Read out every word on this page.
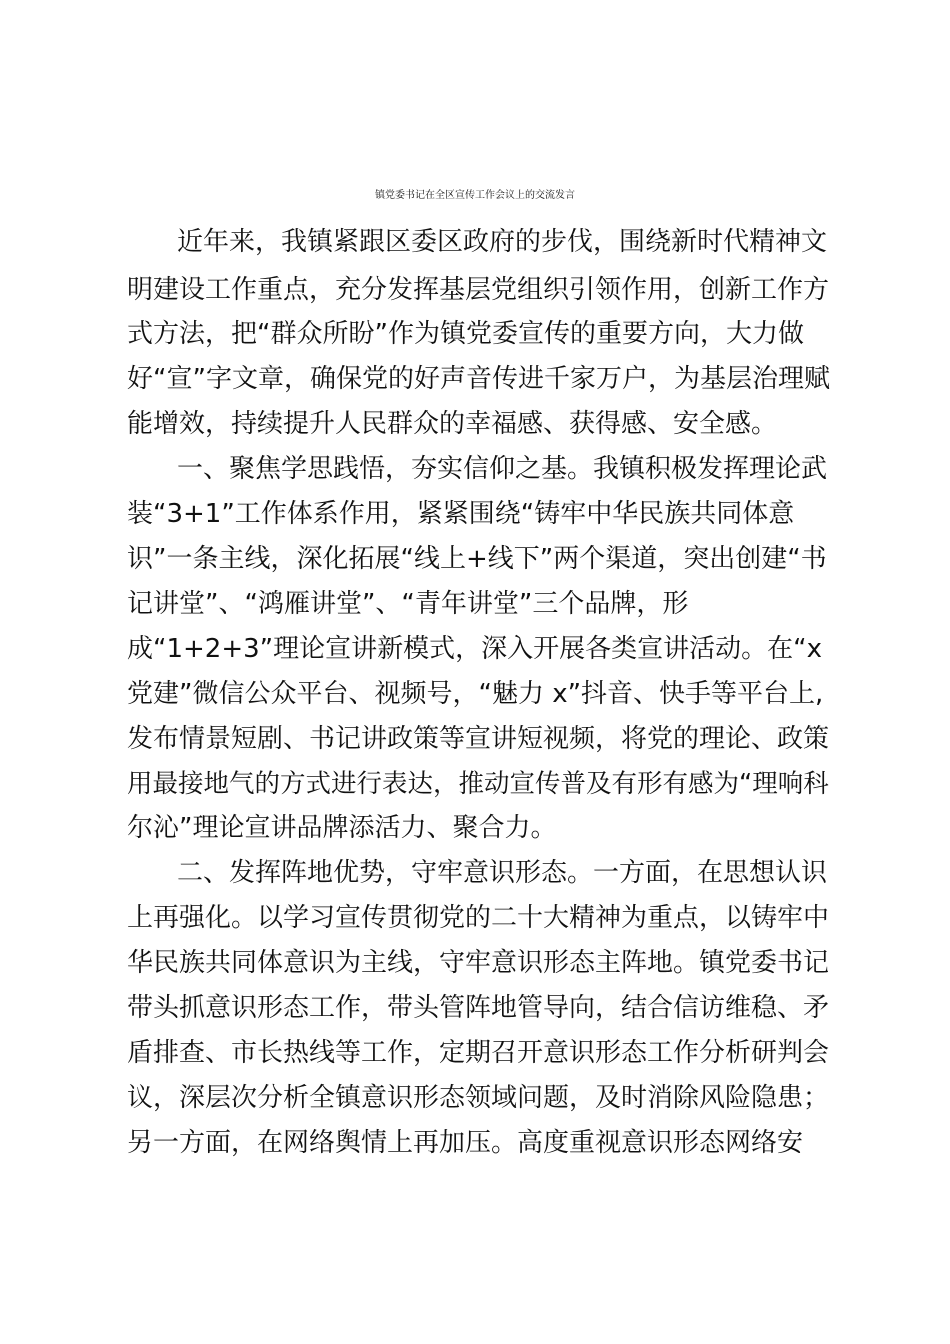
镇党委书记在全区宣传工作会议上的交流发言
近年来，我镇紧跟区委区政府的步伐，围绕新时代精神文
明建设工作重点，充分发挥基层党组织引领作用，创新工作方
式方法，把“群众所盼”作为镇党委宣传的重要方向，大力做
好“宣”字文章，确保党的好声音传进千家万户，为基层治理赋
能增效，持续提升人民群众的幸福感、获得感、安全感。
一、聚焦学思践悟，夯实信仰之基。我镇积极发挥理论武
装“3+1”工作体系作用，紧紧围绕“铸牢中华民族共同体意
识”一条主线，深化拓展“线上+线下”两个渠道，突出创建“书
记讲堂”、“鸿雁讲堂”、“青年讲堂”三个品牌，形
成“1+2+3”理论宣讲新模式，深入开展各类宣讲活动。在“x
党建”微信公众平台、视频号，“魅力 x”抖音、快手等平台上,
发布情景短剧、书记讲政策等宣讲短视频，将党的理论、政策
用最接地气的方式进行表达，推动宣传普及有形有感为“理响科
尔沁”理论宣讲品牌添活力、聚合力。
二、发挥阵地优势，守牢意识形态。一方面，在思想认识
上再强化。以学习宣传贯彻党的二十大精神为重点，以铸牢中
华民族共同体意识为主线，守牢意识形态主阵地。镇党委书记
带头抓意识形态工作，带头管阵地管导向，结合信访维稳、矛
盾排查、市长热线等工作，定期召开意识形态工作分析研判会
议，深层次分析全镇意识形态领域问题，及时消除风险隐患；
另一方面，在网络舆情上再加压。高度重视意识形态网络安
